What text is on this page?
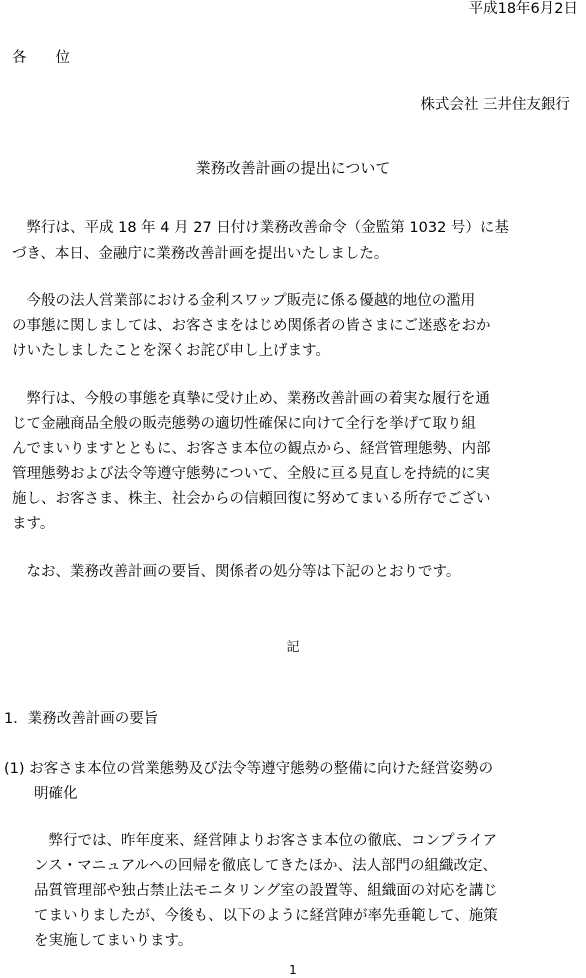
平成18年6月2日
各　　位
株式会社 三井住友銀行
業務改善計画の提出について
　弊行は、平成 18 年 4 月 27 日付け業務改善命令（金監第 1032 号）に基
づき、本日、金融庁に業務改善計画を提出いたしました。
　今般の法人営業部における金利スワップ販売に係る優越的地位の濫用
の事態に関しましては、お客さまをはじめ関係者の皆さまにご迷惑をおか
けいたしましたことを深くお詫び申し上げます。
　弊行は、今般の事態を真摯に受け止め、業務改善計画の着実な履行を通
じて金融商品全般の販売態勢の適切性確保に向けて全行を挙げて取り組
んでまいりますとともに、お客さま本位の観点から、経営管理態勢、内部
管理態勢および法令等遵守態勢について、全般に亘る見直しを持続的に実
施し、お客さま、株主、社会からの信頼回復に努めてまいる所存でござい
ます。
　なお、業務改善計画の要旨、関係者の処分等は下記のとおりです。
記
1．業務改善計画の要旨
(1) お客さま本位の営業態勢及び法令等遵守態勢の整備に向けた経営姿勢の
明確化
　弊行では、昨年度来、経営陣よりお客さま本位の徹底、コンプライア
ンス・マニュアルへの回帰を徹底してきたほか、法人部門の組織改定、
品質管理部や独占禁止法モニタリング室の設置等、組織面の対応を講じ
てまいりましたが、今後も、以下のように経営陣が率先垂範して、施策
を実施してまいります。
1
